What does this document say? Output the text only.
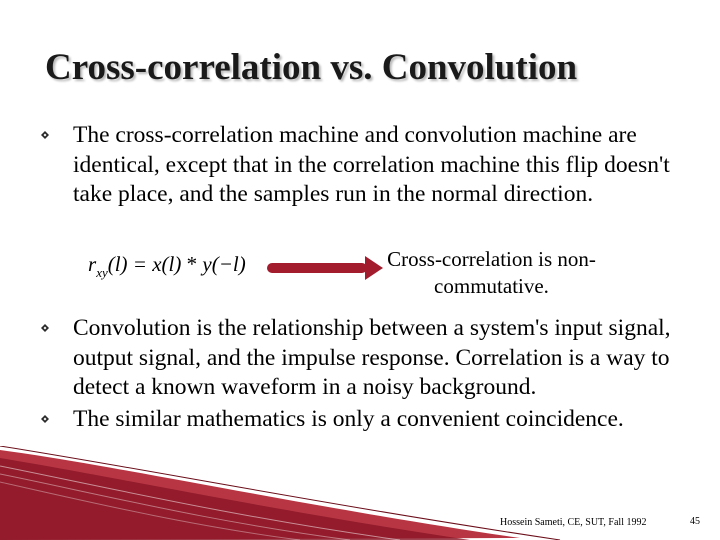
Cross-correlation vs. Convolution
The cross-correlation machine and convolution machine are identical, except that in the correlation machine this flip doesn't take place, and the samples run in the normal direction.
$r_{xy}(l) = x(l) * y(-l)$	Cross-correlation is non-commutative.
Convolution is the relationship between a system's input signal, output signal, and the impulse response. Correlation is a way to detect a known waveform in a noisy background.
The similar mathematics is only a convenient coincidence.
Hossein Sameti, CE, SUT, Fall 1992	45
